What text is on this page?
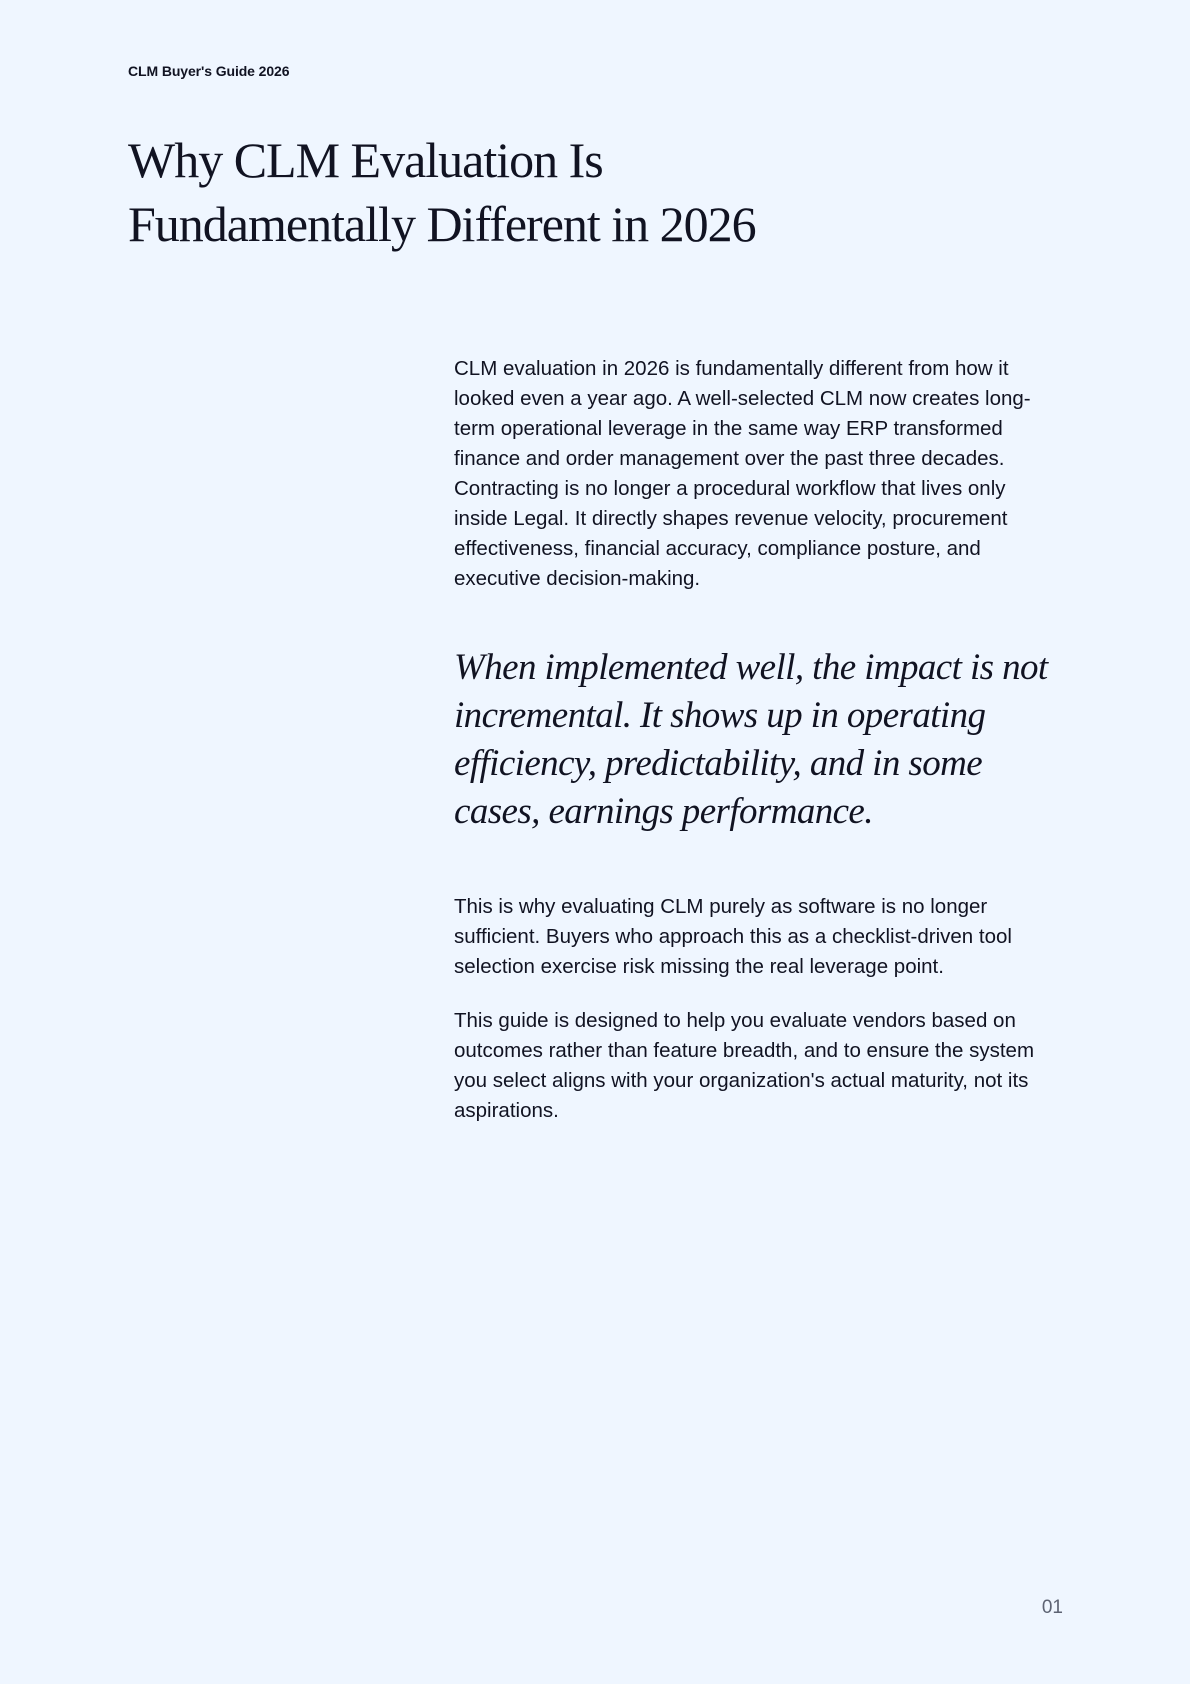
CLM Buyer's Guide 2026
Why CLM Evaluation Is Fundamentally Different in 2026

CLM evaluation in 2026 is fundamentally different from how it looked even a year ago. A well-selected CLM now creates long-term operational leverage in the same way ERP transformed finance and order management over the past three decades. Contracting is no longer a procedural workflow that lives only inside Legal. It directly shapes revenue velocity, procurement effectiveness, financial accuracy, compliance posture, and executive decision-making.

When implemented well, the impact is not incremental. It shows up in operating efficiency, predictability, and in some cases, earnings performance.

This is why evaluating CLM purely as software is no longer sufficient. Buyers who approach this as a checklist-driven tool selection exercise risk missing the real leverage point.

This guide is designed to help you evaluate vendors based on outcomes rather than feature breadth, and to ensure the system you select aligns with your organization's actual maturity, not its aspirations.

01
